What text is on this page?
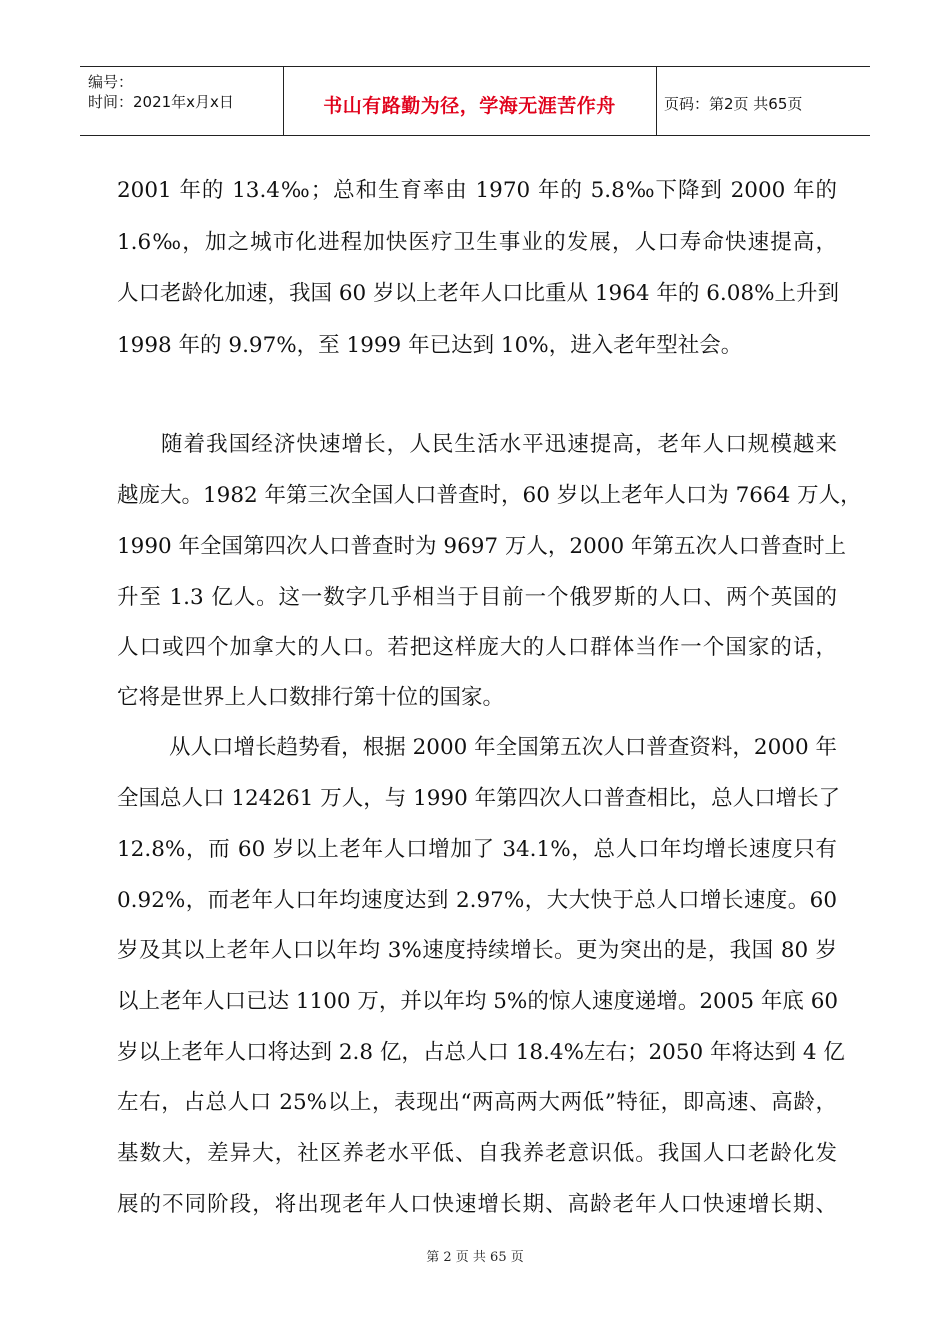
编号：
时间：2021年x月x日	书山有路勤为径，学海无涯苦作舟	页码：第2页 共65页
2001 年的 13.4‰；总和生育率由 1970 年的 5.8‰下降到 2000 年的
1.6‰，加之城市化进程加快医疗卫生事业的发展，人口寿命快速提高，
人口老龄化加速，我国 60 岁以上老年人口比重从 1964 年的 6.08%上升到
1998 年的 9.97%，至 1999 年已达到 10%，进入老年型社会。
随着我国经济快速增长，人民生活水平迅速提高，老年人口规模越来
越庞大。1982 年第三次全国人口普查时，60 岁以上老年人口为 7664 万人，
1990 年全国第四次人口普查时为 9697 万人，2000 年第五次人口普查时上
升至 1.3 亿人。这一数字几乎相当于目前一个俄罗斯的人口、两个英国的
人口或四个加拿大的人口。若把这样庞大的人口群体当作一个国家的话，
它将是世界上人口数排行第十位的国家。
从人口增长趋势看，根据 2000 年全国第五次人口普查资料，2000 年
全国总人口 124261 万人，与 1990 年第四次人口普查相比，总人口增长了
12.8%，而 60 岁以上老年人口增加了 34.1%，总人口年均增长速度只有
0.92%，而老年人口年均速度达到 2.97%，大大快于总人口增长速度。60
岁及其以上老年人口以年均 3%速度持续增长。更为突出的是，我国 80 岁
以上老年人口已达 1100 万，并以年均 5%的惊人速度递增。2005 年底 60
岁以上老年人口将达到 2.8 亿，占总人口 18.4%左右；2050 年将达到 4 亿
左右，占总人口 25%以上，表现出“两高两大两低”特征，即高速、高龄，
基数大，差异大，社区养老水平低、自我养老意识低。我国人口老龄化发
展的不同阶段，将出现老年人口快速增长期、高龄老年人口快速增长期、
第 2 页 共 65 页
